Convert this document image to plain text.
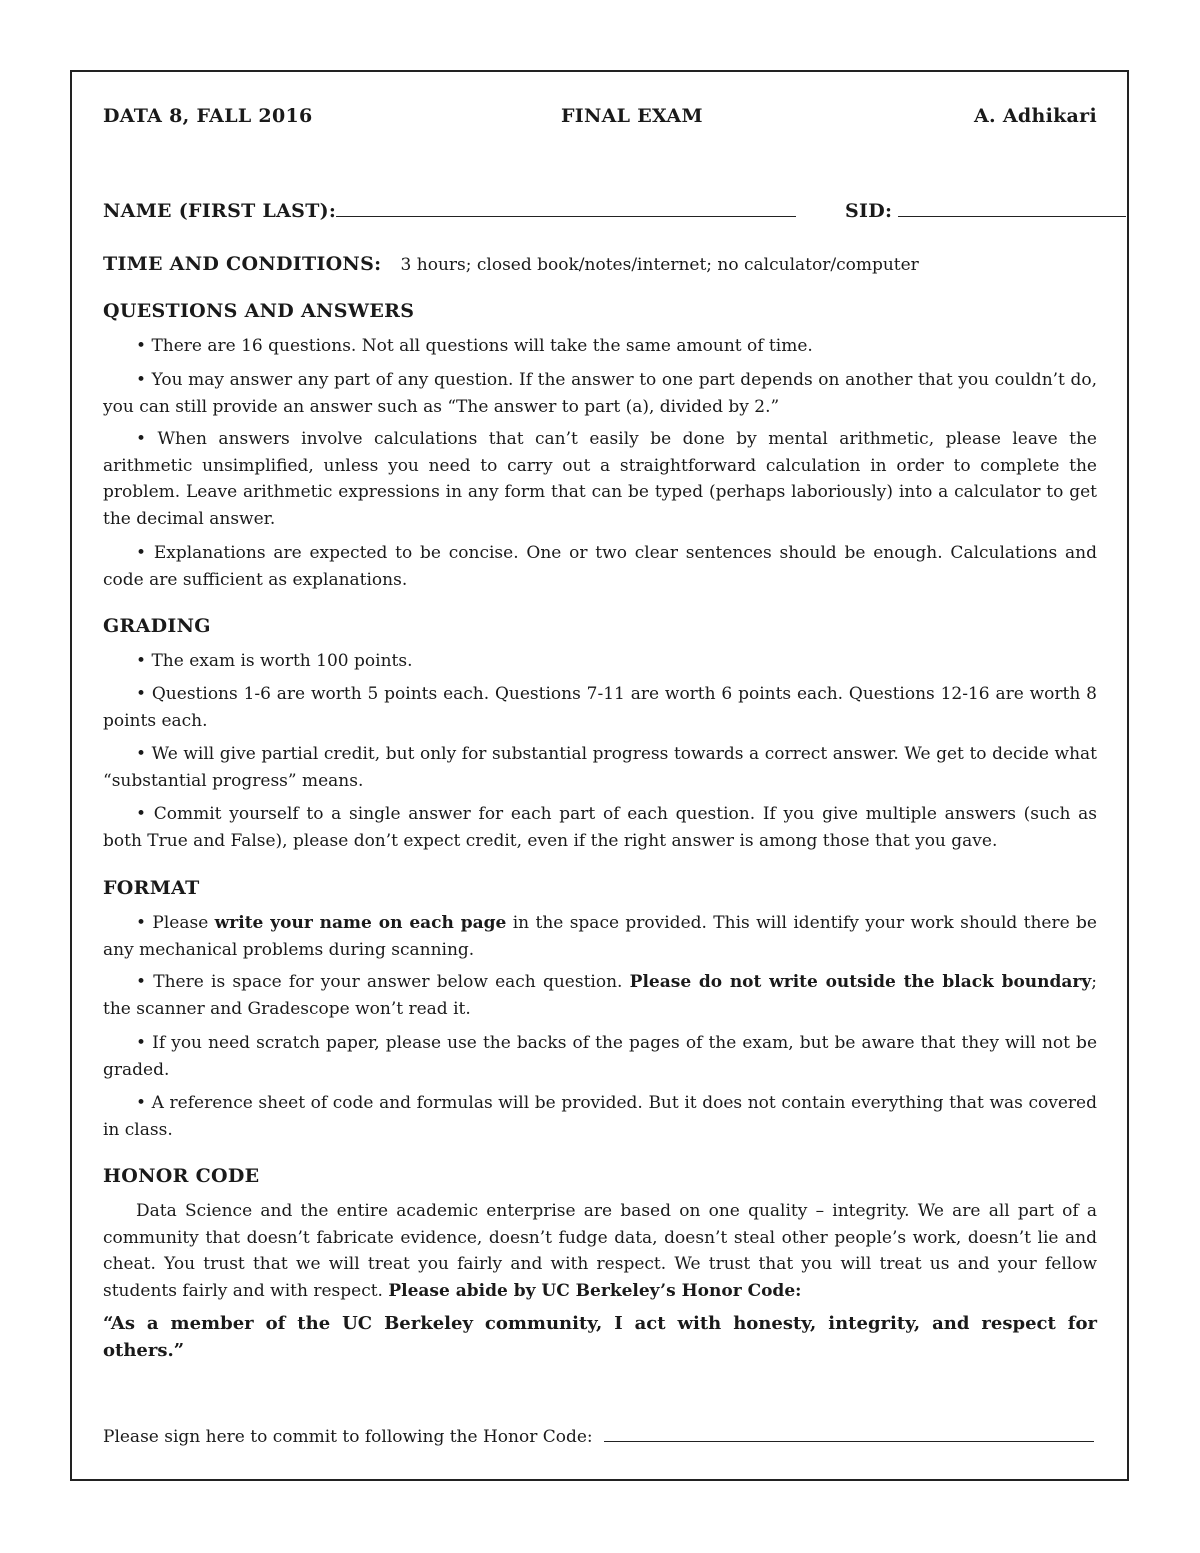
DATA 8, FALL 2016	FINAL EXAM	A. Adhikari
NAME (FIRST LAST):	SID:
TIME AND CONDITIONS: 3 hours; closed book/notes/internet; no calculator/computer
QUESTIONS AND ANSWERS

• There are 16 questions. Not all questions will take the same amount of time.

• You may answer any part of any question. If the answer to one part depends on another that you couldn’t do, you can still provide an answer such as “The answer to part (a), divided by 2.”

• When answers involve calculations that can’t easily be done by mental arithmetic, please leave the arithmetic unsimplified, unless you need to carry out a straightforward calculation in order to complete the problem. Leave arithmetic expressions in any form that can be typed (perhaps laboriously) into a calculator to get the decimal answer.

• Explanations are expected to be concise. One or two clear sentences should be enough. Calculations and code are sufficient as explanations.

GRADING

• The exam is worth 100 points.

• Questions 1-6 are worth 5 points each. Questions 7-11 are worth 6 points each. Questions 12-16 are worth 8 points each.

• We will give partial credit, but only for substantial progress towards a correct answer. We get to decide what “substantial progress” means.

• Commit yourself to a single answer for each part of each question. If you give multiple answers (such as both True and False), please don’t expect credit, even if the right answer is among those that you gave.

FORMAT

• Please write your name on each page in the space provided. This will identify your work should there be any mechanical problems during scanning.

• There is space for your answer below each question. Please do not write outside the black boundary; the scanner and Gradescope won’t read it.

• If you need scratch paper, please use the backs of the pages of the exam, but be aware that they will not be graded.

• A reference sheet of code and formulas will be provided. But it does not contain everything that was covered in class.

HONOR CODE

Data Science and the entire academic enterprise are based on one quality – integrity. We are all part of a community that doesn’t fabricate evidence, doesn’t fudge data, doesn’t steal other people’s work, doesn’t lie and cheat. You trust that we will treat you fairly and with respect. We trust that you will treat us and your fellow students fairly and with respect. Please abide by UC Berkeley’s Honor Code:

“As a member of the UC Berkeley community, I act with honesty, integrity, and respect for others.”

Please sign here to commit to following the Honor Code:
